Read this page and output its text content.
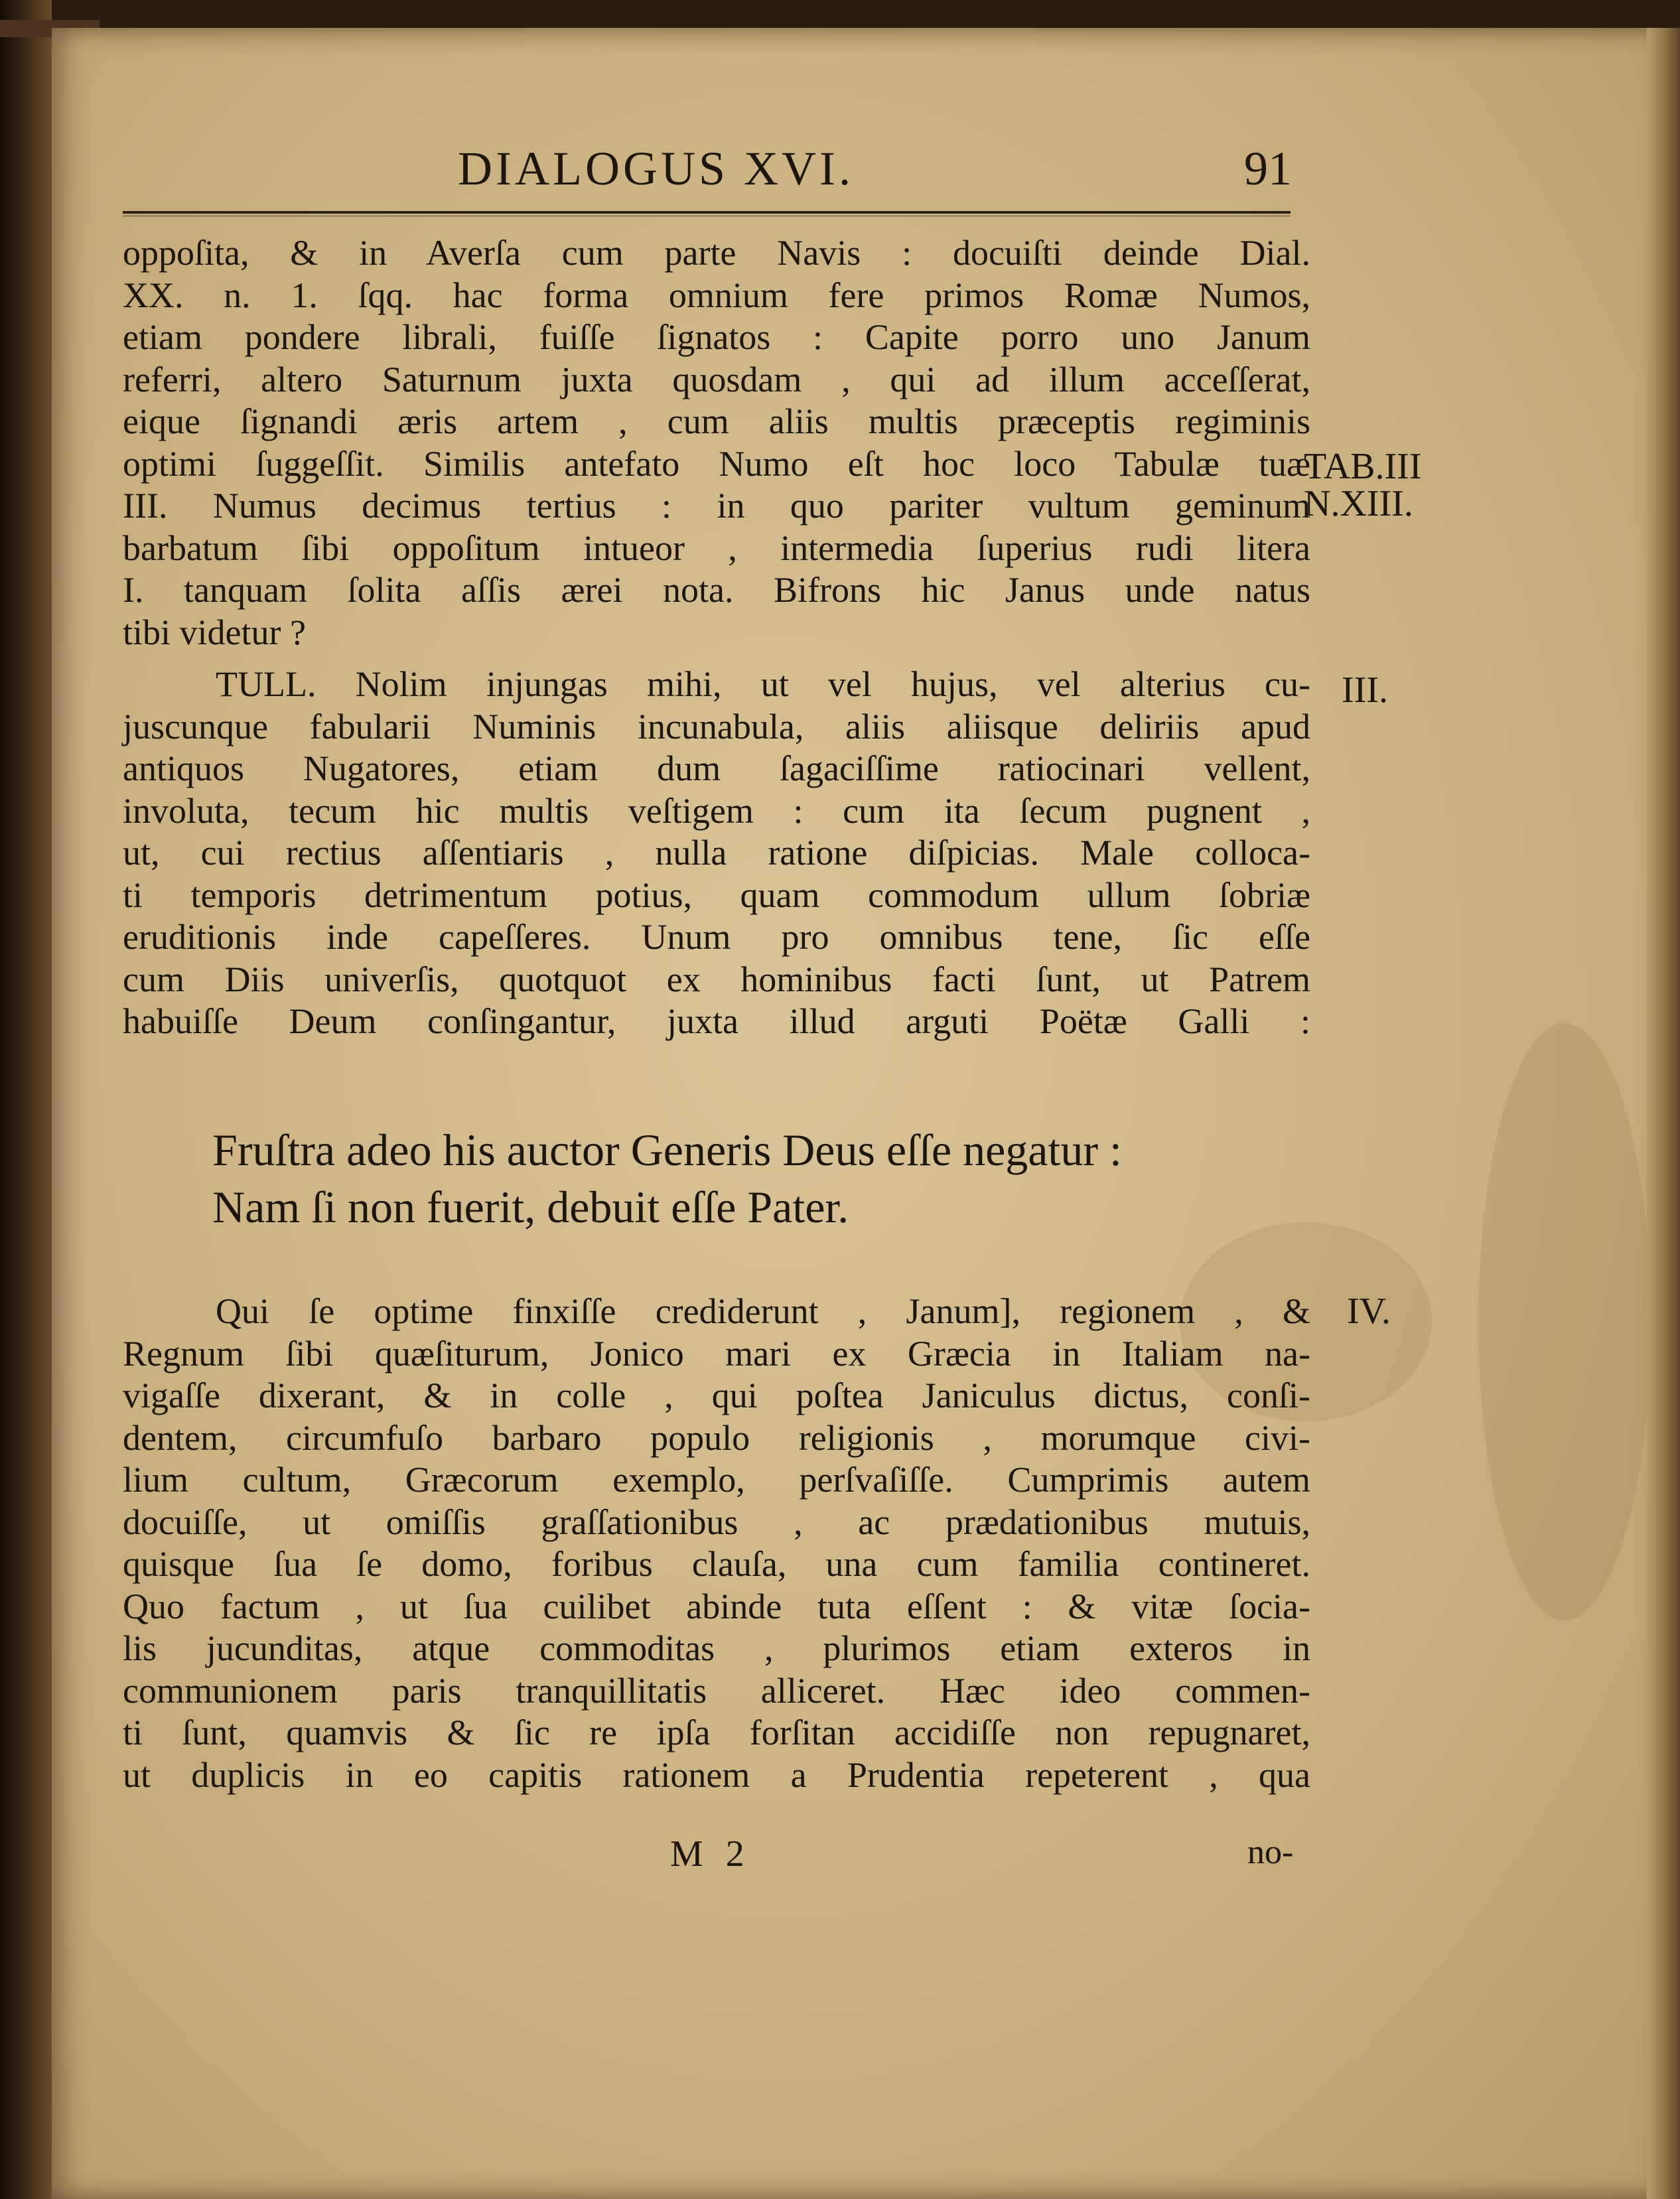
DIALOGUS XVI.	91
oppoſita, & in Averſa cum parte Navis : docuiſti deinde Dial.
XX. n. 1. ſqq. hac forma omnium fere primos Romæ Numos,
etiam pondere librali, fuiſſe ſignatos : Capite porro uno Janum
referri, altero Saturnum juxta quosdam , qui ad illum acceſſerat,
eique ſignandi æris artem , cum aliis multis præceptis regiminis
optimi ſuggeſſit. Similis antefato Numo eſt hoc loco Tabulæ tuæ
III. Numus decimus tertius : in quo pariter vultum geminum
barbatum ſibi oppoſitum intueor , intermedia ſuperius rudi litera
I. tanquam ſolita aſſis ærei nota. Bifrons hic Janus unde natus
tibi videtur ?
TULL. Nolim injungas mihi, ut vel hujus, vel alterius cu-
juscunque fabularii Numinis incunabula, aliis aliisque deliriis apud
antiquos Nugatores, etiam dum ſagaciſſime ratiocinari vellent,
involuta, tecum hic multis veſtigem : cum ita ſecum pugnent ,
ut, cui rectius aſſentiaris , nulla ratione diſpicias. Male colloca-
ti temporis detrimentum potius, quam commodum ullum ſobriæ
eruditionis inde capeſſeres. Unum pro omnibus tene, ſic eſſe
cum Diis univerſis, quotquot ex hominibus facti ſunt, ut Patrem
habuiſſe Deum conſingantur, juxta illud arguti Poëtæ Galli :
Fruſtra adeo his auctor Generis Deus eſſe negatur :
Nam ſi non fuerit, debuit eſſe Pater.
Qui ſe optime finxiſſe crediderunt , Janum], regionem , &
Regnum ſibi quæſiturum, Jonico mari ex Græcia in Italiam na-
vigaſſe dixerant, & in colle , qui poſtea Janiculus dictus, conſi-
dentem, circumfuſo barbaro populo religionis , morumque civi-
lium cultum, Græcorum exemplo, perſvaſiſſe. Cumprimis autem
docuiſſe, ut omiſſis graſſationibus , ac prædationibus mutuis,
quisque ſua ſe domo, foribus clauſa, una cum familia contineret.
Quo factum , ut ſua cuilibet abinde tuta eſſent : & vitæ ſocia-
lis jucunditas, atque commoditas , plurimos etiam exteros in
communionem paris tranquillitatis alliceret. Hæc ideo commen-
ti ſunt, quamvis & ſic re ipſa forſitan accidiſſe non repugnaret,
ut duplicis in eo capitis rationem a Prudentia repeterent , qua
TAB.III
N.XIII.
III.
IV.
M 2	no-
